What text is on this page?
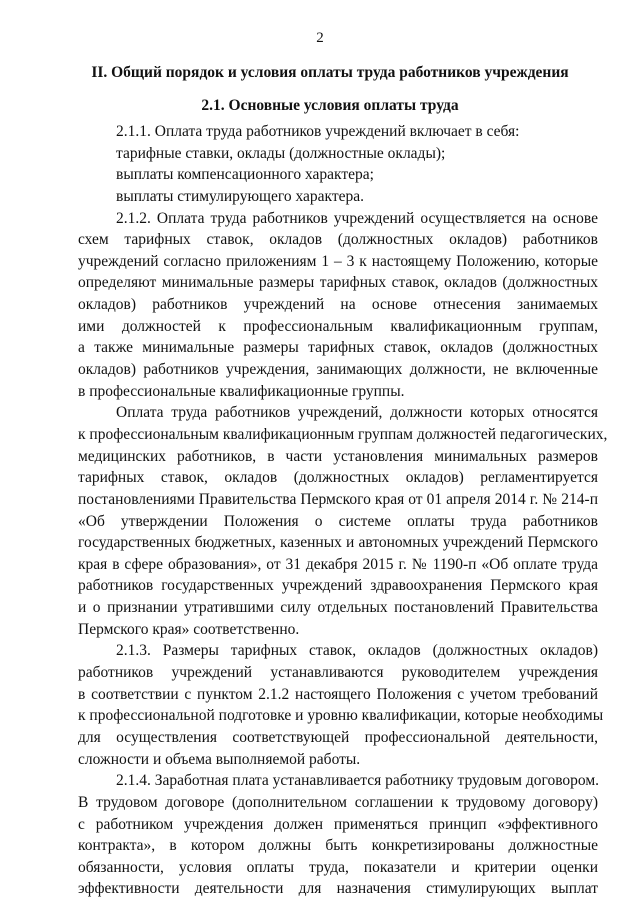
2
II. Общий порядок и условия оплаты труда работников учреждения
2.1. Основные условия оплаты труда
2.1.1. Оплата труда работников учреждений включает в себя:
тарифные ставки, оклады (должностные оклады);
выплаты компенсационного характера;
выплаты стимулирующего характера.
2.1.2. Оплата труда работников учреждений осуществляется на основе
схем тарифных ставок, окладов (должностных окладов) работников
учреждений согласно приложениям 1 – 3 к настоящему Положению, которые
определяют минимальные размеры тарифных ставок, окладов (должностных
окладов) работников учреждений на основе отнесения занимаемых
ими должностей к профессиональным квалификационным группам,
а также минимальные размеры тарифных ставок, окладов (должностных
окладов) работников учреждения, занимающих должности, не включенные
в профессиональные квалификационные группы.
Оплата труда работников учреждений, должности которых относятся
к профессиональным квалификационным группам должностей педагогических,
медицинских работников, в части установления минимальных размеров
тарифных ставок, окладов (должностных окладов) регламентируется
постановлениями Правительства Пермского края от 01 апреля 2014 г. № 214-п
«Об утверждении Положения о системе оплаты труда работников
государственных бюджетных, казенных и автономных учреждений Пермского
края в сфере образования», от 31 декабря 2015 г. № 1190-п «Об оплате труда
работников государственных учреждений здравоохранения Пермского края
и о признании утратившими силу отдельных постановлений Правительства
Пермского края» соответственно.
2.1.3. Размеры тарифных ставок, окладов (должностных окладов)
работников учреждений устанавливаются руководителем учреждения
в соответствии с пунктом 2.1.2 настоящего Положения с учетом требований
к профессиональной подготовке и уровню квалификации, которые необходимы
для осуществления соответствующей профессиональной деятельности,
сложности и объема выполняемой работы.
2.1.4. Заработная плата устанавливается работнику трудовым договором.
В трудовом договоре (дополнительном соглашении к трудовому договору)
с работником учреждения должен применяться принцип «эффективного
контракта», в котором должны быть конкретизированы должностные
обязанности, условия оплаты труда, показатели и критерии оценки
эффективности деятельности для назначения стимулирующих выплат
